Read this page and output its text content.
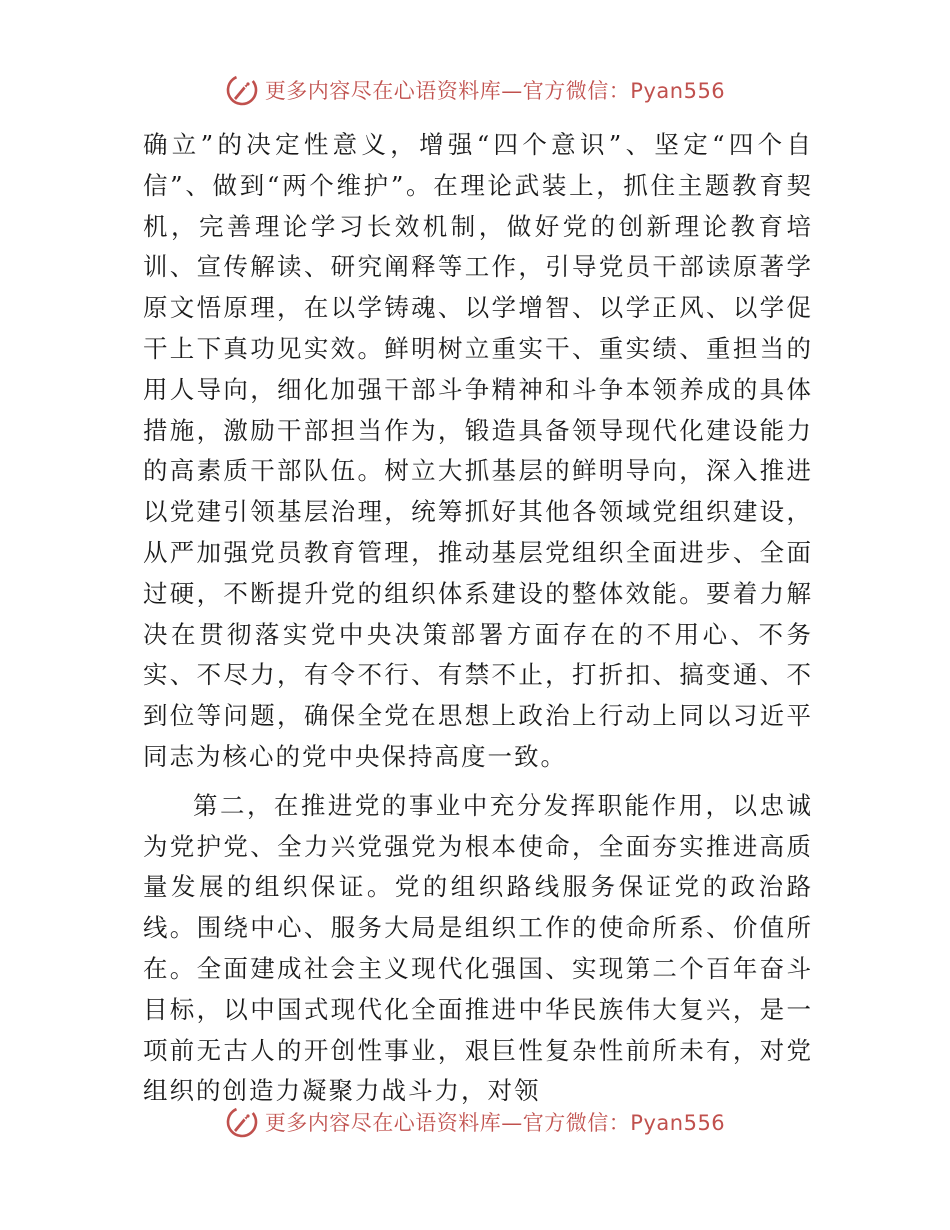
更多内容尽在心语资料库—官方微信：Pyan556

确立”的决定性意义，增强“四个意识”、坚定“四个自信”、做到“两个维护”。在理论武装上，抓住主题教育契机，完善理论学习长效机制，做好党的创新理论教育培训、宣传解读、研究阐释等工作，引导党员干部读原著学原文悟原理，在以学铸魂、以学增智、以学正风、以学促干上下真功见实效。鲜明树立重实干、重实绩、重担当的用人导向，细化加强干部斗争精神和斗争本领养成的具体措施，激励干部担当作为，锻造具备领导现代化建设能力的高素质干部队伍。树立大抓基层的鲜明导向，深入推进以党建引领基层治理，统筹抓好其他各领域党组织建设，从严加强党员教育管理，推动基层党组织全面进步、全面过硬，不断提升党的组织体系建设的整体效能。要着力解决在贯彻落实党中央决策部署方面存在的不用心、不务实、不尽力，有令不行、有禁不止，打折扣、搞变通、不到位等问题，确保全党在思想上政治上行动上同以习近平同志为核心的党中央保持高度一致。

第二，在推进党的事业中充分发挥职能作用，以忠诚为党护党、全力兴党强党为根本使命，全面夯实推进高质量发展的组织保证。党的组织路线服务保证党的政治路线。围绕中心、服务大局是组织工作的使命所系、价值所在。全面建成社会主义现代化强国、实现第二个百年奋斗目标，以中国式现代化全面推进中华民族伟大复兴，是一项前无古人的开创性事业，艰巨性复杂性前所未有，对党组织的创造力凝聚力战斗力，对领

更多内容尽在心语资料库—官方微信：Pyan556
